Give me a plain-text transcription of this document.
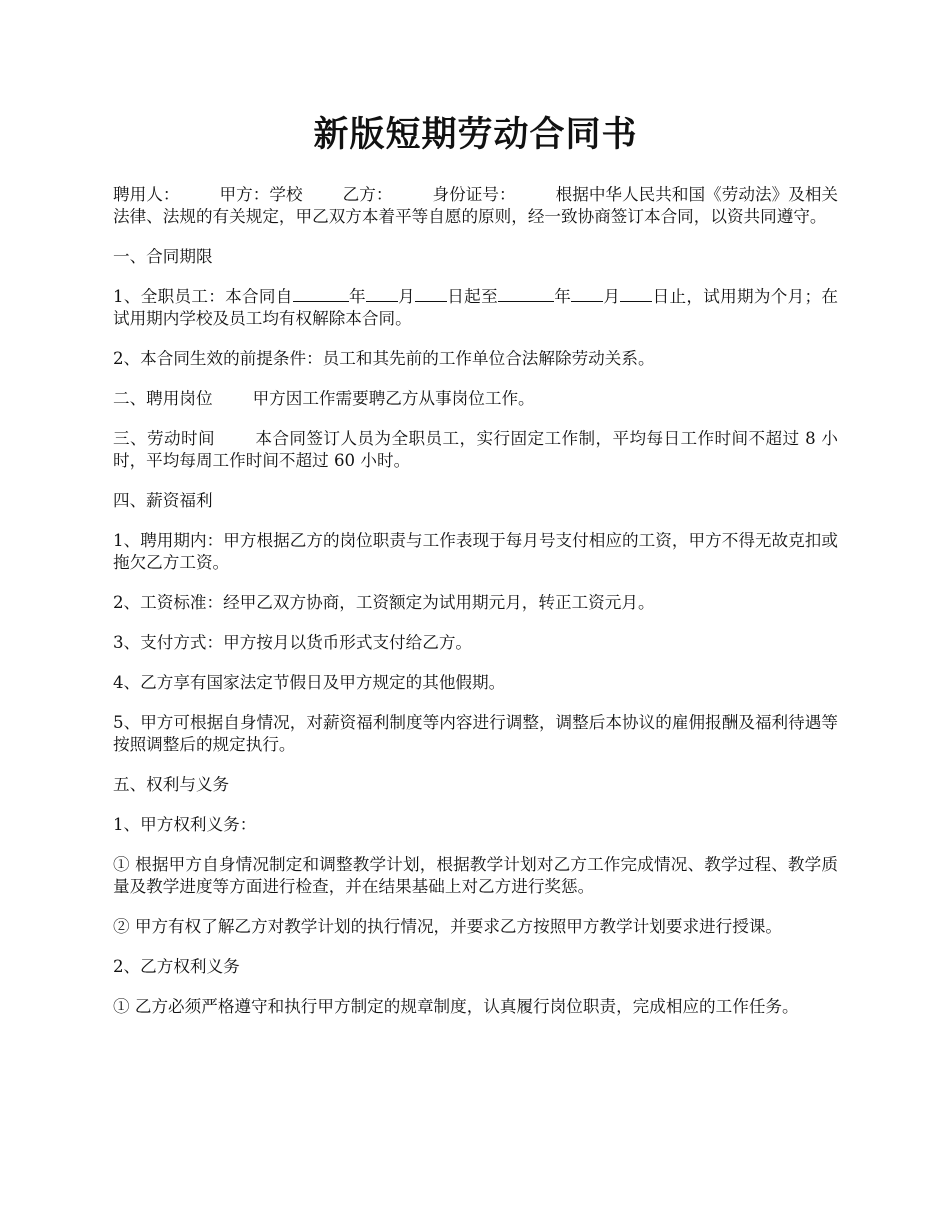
新版短期劳动合同书

聘用人： 甲方：学校 乙方： 身份证号： 根据中华人民共和国《劳动法》及相关法律、法规的有关规定，甲乙双方本着平等自愿的原则，经一致协商签订本合同，以资共同遵守。

一、合同期限

1、全职员工：本合同自	年 月 日起至	年 月 日止，试用期为个月；在试用期内学校及员工均有权解除本合同。

2、本合同生效的前提条件：员工和其先前的工作单位合法解除劳动关系。

二、聘用岗位 甲方因工作需要聘乙方从事岗位工作。

三、劳动时间 本合同签订人员为全职员工，实行固定工作制，平均每日工作时间不超过 8 小时，平均每周工作时间不超过 60 小时。

四、薪资福利

1、聘用期内：甲方根据乙方的岗位职责与工作表现于每月号支付相应的工资，甲方不得无故克扣或拖欠乙方工资。

2、工资标准：经甲乙双方协商，工资额定为试用期元月，转正工资元月。

3、支付方式：甲方按月以货币形式支付给乙方。

4、乙方享有国家法定节假日及甲方规定的其他假期。

5、甲方可根据自身情况，对薪资福利制度等内容进行调整，调整后本协议的雇佣报酬及福利待遇等按照调整后的规定执行。

五、权利与义务

1、甲方权利义务：

① 根据甲方自身情况制定和调整教学计划，根据教学计划对乙方工作完成情况、教学过程、教学质量及教学进度等方面进行检查，并在结果基础上对乙方进行奖惩。

② 甲方有权了解乙方对教学计划的执行情况，并要求乙方按照甲方教学计划要求进行授课。

2、乙方权利义务

① 乙方必须严格遵守和执行甲方制定的规章制度，认真履行岗位职责，完成相应的工作任务。
